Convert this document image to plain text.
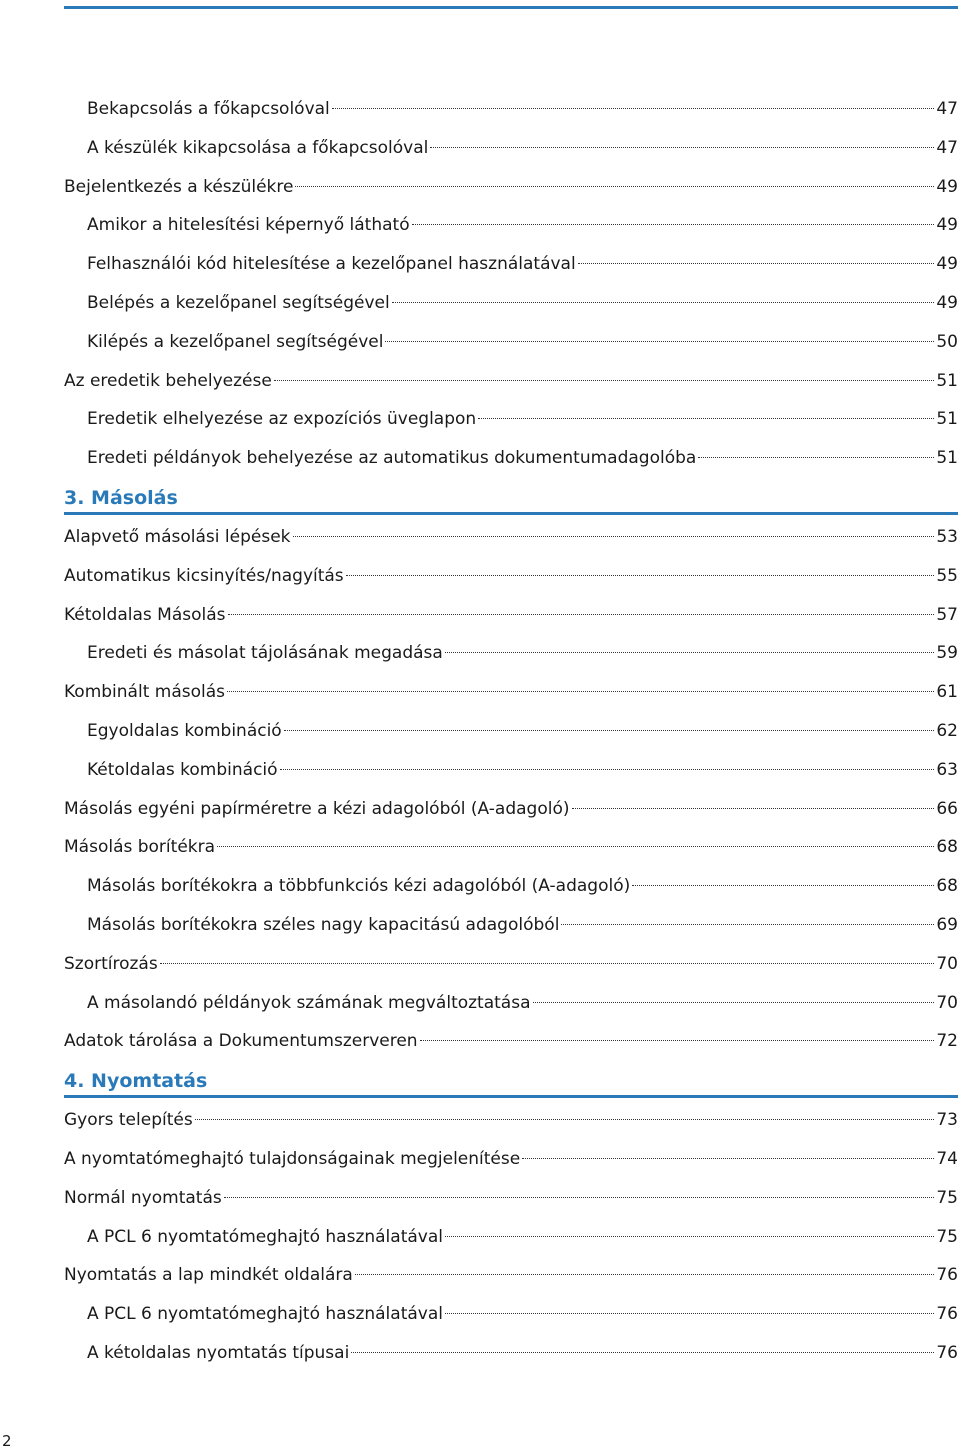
Bekapcsolás a főkapcsolóval	47
A készülék kikapcsolása a főkapcsolóval	47
Bejelentkezés a készülékre	49
Amikor a hitelesítési képernyő látható	49
Felhasználói kód hitelesítése a kezelőpanel használatával	49
Belépés a kezelőpanel segítségével	49
Kilépés a kezelőpanel segítségével	50
Az eredetik behelyezése	51
Eredetik elhelyezése az expozíciós üveglapon	51
Eredeti példányok behelyezése az automatikus dokumentumadagolóba	51
3. Másolás
Alapvető másolási lépések	53
Automatikus kicsinyítés/nagyítás	55
Kétoldalas Másolás	57
Eredeti és másolat tájolásának megadása	59
Kombinált másolás	61
Egyoldalas kombináció	62
Kétoldalas kombináció	63
Másolás egyéni papírméretre a kézi adagolóból (A-adagoló)	66
Másolás borítékra	68
Másolás borítékokra a többfunkciós kézi adagolóból (A-adagoló)	68
Másolás borítékokra széles nagy kapacitású adagolóból	69
Szortírozás	70
A másolandó példányok számának megváltoztatása	70
Adatok tárolása a Dokumentumszerveren	72
4. Nyomtatás
Gyors telepítés	73
A nyomtatómeghajtó tulajdonságainak megjelenítése	74
Normál nyomtatás	75
A PCL 6 nyomtatómeghajtó használatával	75
Nyomtatás a lap mindkét oldalára	76
A PCL 6 nyomtatómeghajtó használatával	76
A kétoldalas nyomtatás típusai	76
2
